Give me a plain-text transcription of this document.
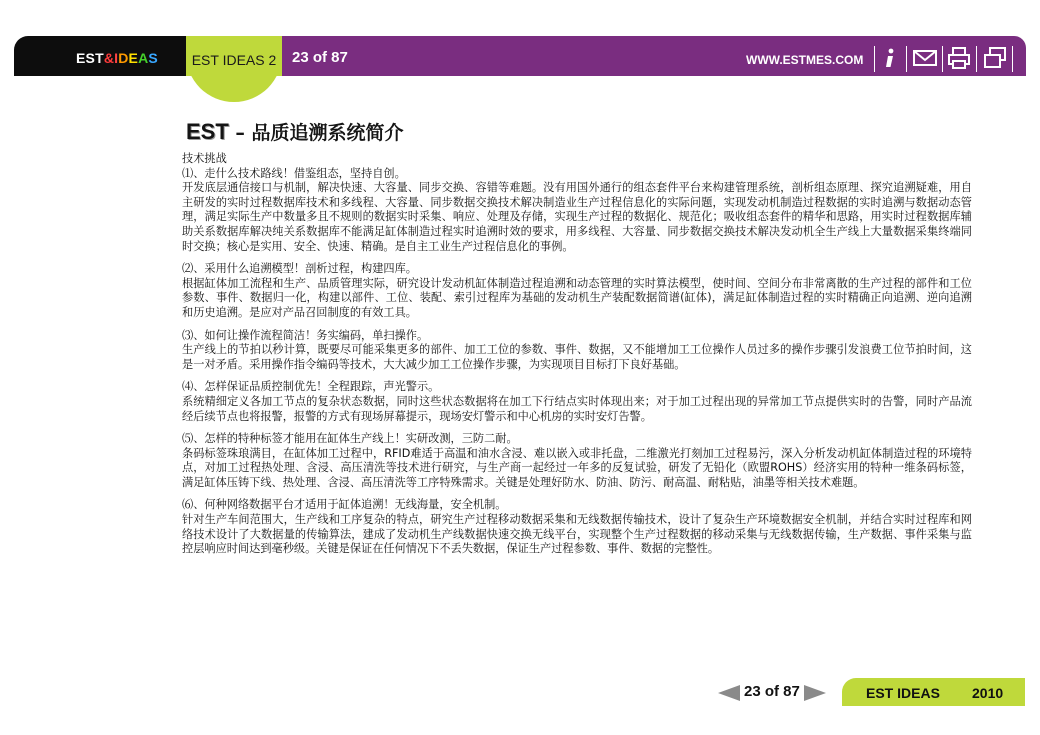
EST&IDEAS	EST IDEAS 2	23 of 87	WWW.ESTMES.COM
EST – 品质追溯系统简介

技术挑战

⑴、走什么技术路线！借鉴组态，坚持自创。

开发底层通信接口与机制，解决快速、大容量、同步交换、容错等难题。没有用国外通行的组态套件平台来构建管理系统，剖析组态原理、探究追溯疑难，用自主研发的实时过程数据库技术和多线程、大容量、同步数据交换技术解决制造业生产过程信息化的实际问题，实现发动机制造过程数据的实时追溯与数据动态管理，满足实际生产中数量多且不规则的数据实时采集、响应、处理及存储，实现生产过程的数据化、规范化；吸收组态套件的精华和思路，用实时过程数据库辅助关系数据库解决纯关系数据库不能满足缸体制造过程实时追溯时效的要求，用多线程、大容量、同步数据交换技术解决发动机全生产线上大量数据采集终端同时交换；核心是实用、安全、快速、精确。是自主工业生产过程信息化的事例。

⑵、采用什么追溯模型！剖析过程，构建四库。

根据缸体加工流程和生产、品质管理实际，研究设计发动机缸体制造过程追溯和动态管理的实时算法模型，使时间、空间分布非常离散的生产过程的部件和工位参数、事件、数据归一化，构建以部件、工位、装配、索引过程库为基础的发动机生产装配数据简谱(缸体)，满足缸体制造过程的实时精确正向追溯、逆向追溯和历史追溯。是应对产品召回制度的有效工具。

⑶、如何让操作流程简洁！务实编码，单扫操作。

生产线上的节拍以秒计算，既要尽可能采集更多的部件、加工工位的参数、事件、数据，又不能增加工工位操作人员过多的操作步骤引发浪费工位节拍时间，这是一对矛盾。采用操作指令编码等技术，大大减少加工工位操作步骤，为实现项目目标打下良好基础。

⑷、怎样保证品质控制优先！全程跟踪，声光警示。

系统精细定义各加工节点的复杂状态数据，同时这些状态数据将在加工下行结点实时体现出来；对于加工过程出现的异常加工节点提供实时的告警，同时产品流经后续节点也将报警，报警的方式有现场屏幕提示，现场安灯警示和中心机房的实时安灯告警。

⑸、怎样的特种标签才能用在缸体生产线上！实研改测，三防二耐。

条码标签珠琅满目，在缸体加工过程中，RFID难适于高温和油水含浸、难以嵌入或非托盘，二维激光打刻加工过程易污，深入分析发动机缸体制造过程的环境特点，对加工过程热处理、含浸、高压清洗等技术进行研究，与生产商一起经过一年多的反复试验，研发了无铅化（欧盟ROHS）经济实用的特种一维条码标签，满足缸体压铸下线、热处理、含浸、高压清洗等工序特殊需求。关键是处理好防水、防油、防污、耐高温、耐粘贴，油墨等相关技术难题。

⑹、何种网络数据平台才适用于缸体追溯！无线海量，安全机制。

针对生产车间范围大，生产线和工序复杂的特点，研究生产过程移动数据采集和无线数据传输技术，设计了复杂生产环境数据安全机制，并结合实时过程库和网络技术设计了大数据量的传输算法，建成了发动机生产线数据快速交换无线平台，实现整个生产过程数据的移动采集与无线数据传输，生产数据、事件采集与监控层响应时间达到毫秒级。关键是保证在任何情况下不丢失数据，保证生产过程参数、事件、数据的完整性。

23 of 87	EST IDEAS 2010
